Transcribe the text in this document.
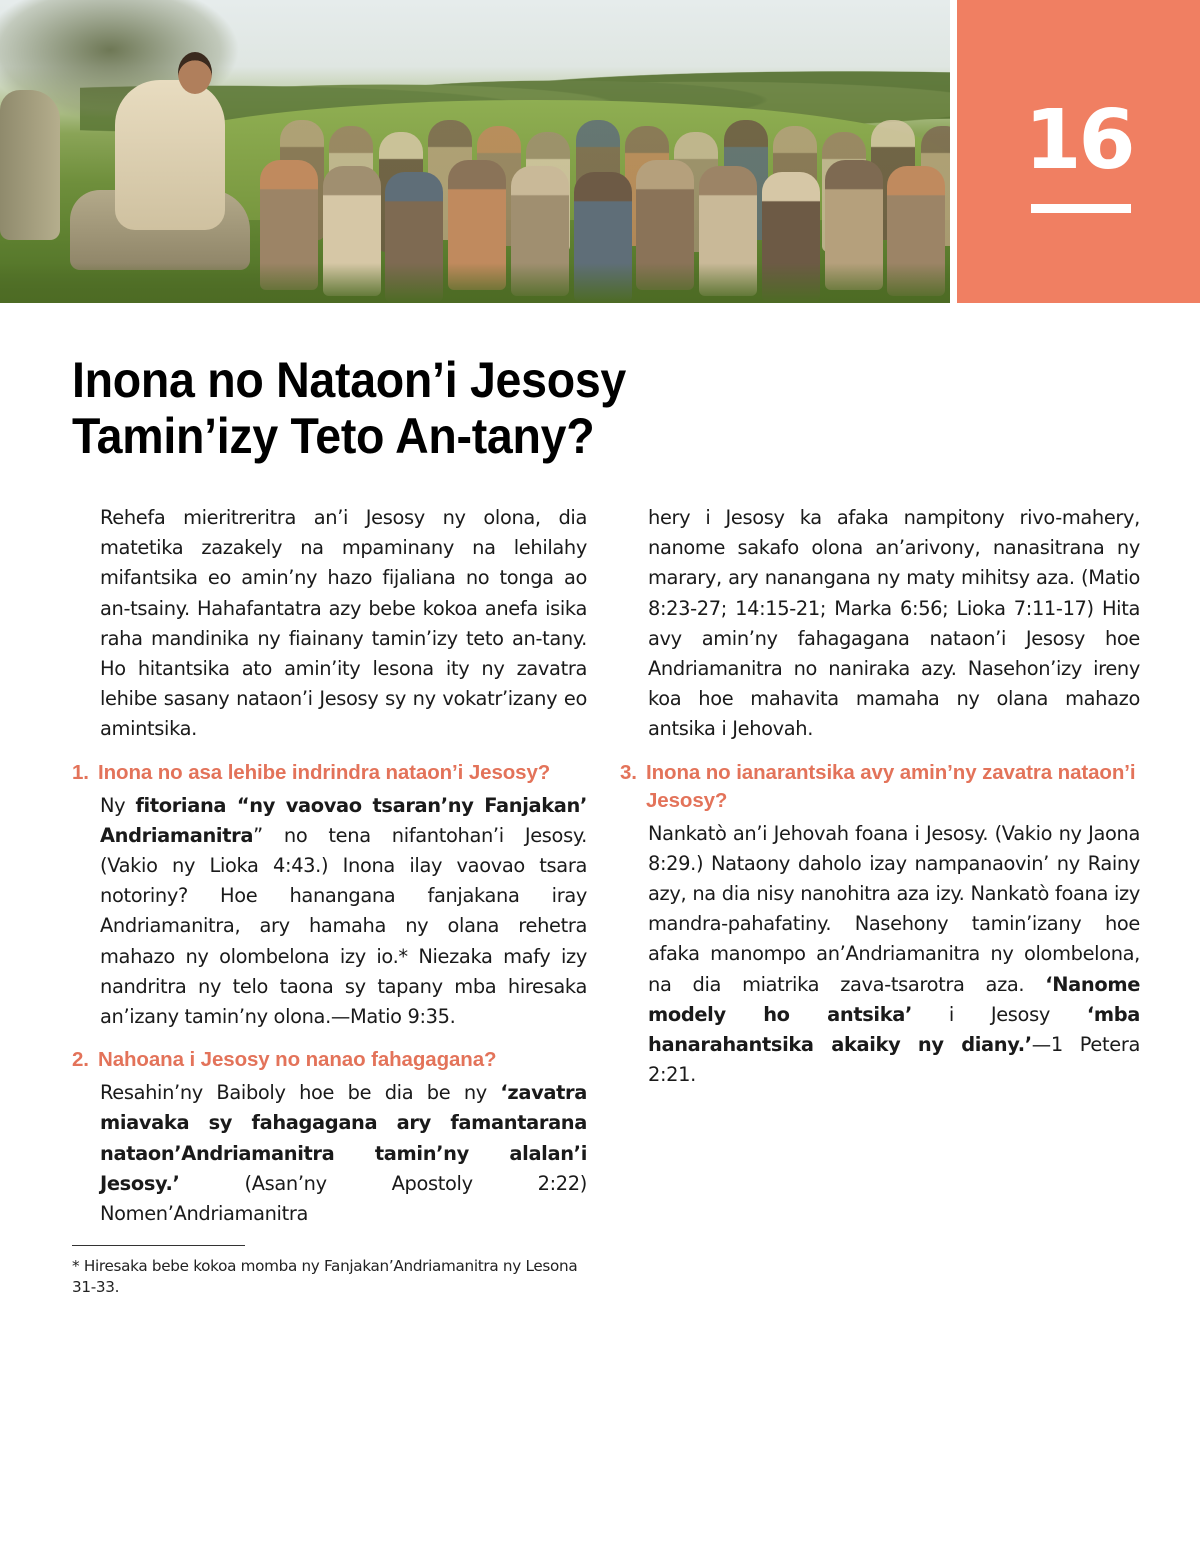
16
Inona no Nataon’i Jesosy
Tamin’izy Teto An-tany?

Rehefa mieritreritra an’i Jesosy ny olona, dia matetika zazakely na mpaminany na lehilahy mifantsika eo amin’ny hazo fijaliana no tonga ao an-tsainy. Hahafantatra azy bebe kokoa anefa isika raha mandinika ny fiainany tamin’izy teto an-tany. Ho hitantsika ato amin’ity lesona ity ny zavatra lehibe sasany nataon’i Jesosy sy ny vokatr’izany eo amintsika.

1. Inona no asa lehibe indrindra nataon’i Jesosy?

Ny fitoriana “ny vaovao tsaran’ny Fanjakan’ Andriamanitra” no tena nifantohan’i Jesosy. (Vakio ny Lioka 4:43.) Inona ilay vaovao tsara notoriny? Hoe hanangana fanjakana iray Andriamanitra, ary hamaha ny olana rehetra mahazo ny olombelona izy io.* Niezaka mafy izy nandritra ny telo taona sy tapany mba hiresaka an’izany tamin’ny olona.—Matio 9:35.

2. Nahoana i Jesosy no nanao fahagagana?

Resahin’ny Baiboly hoe be dia be ny ‘zavatra miavaka sy fahagagana ary famantarana nataon’Andriamanitra tamin’ny alalan’i Jesosy.’ (Asan’ny Apostoly 2:22) Nomen’Andriamanitra

* Hiresaka bebe kokoa momba ny Fanjakan’Andriamanitra ny Lesona 31-33.

hery i Jesosy ka afaka nampitony rivo-mahery, nanome sakafo olona an’arivony, nanasitrana ny marary, ary nanangana ny maty mihitsy aza. (Matio 8:23-27; 14:15-21; Marka 6:56; Lioka 7:11-17) Hita avy amin’ny fahagagana nataon’i Jesosy hoe Andriamanitra no naniraka azy. Nasehon’izy ireny koa hoe mahavita mamaha ny olana mahazo antsika i Jehovah.

3. Inona no ianarantsika avy amin’ny zavatra nataon’i Jesosy?

Nankatò an’i Jehovah foana i Jesosy. (Vakio ny Jaona 8:29.) Nataony daholo izay nampanaovin’ ny Rainy azy, na dia nisy nanohitra aza izy. Nankatò foana izy mandra-pahafatiny. Nasehony tamin’izany hoe afaka manompo an’Andriamanitra ny olombelona, na dia miatrika zava-tsarotra aza. ‘Nanome modely ho antsika’ i Jesosy ‘mba hanarahantsika akaiky ny diany.’—1 Petera 2:21.
